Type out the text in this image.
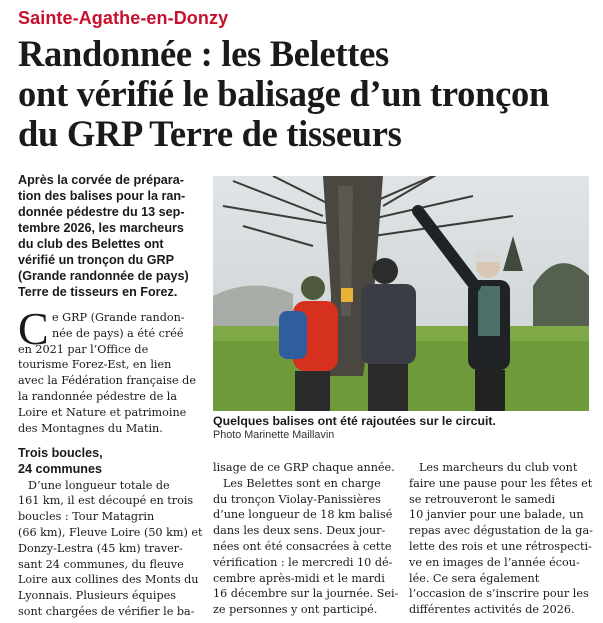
Sainte-Agathe-en-Donzy
Randonnée : les Belettes
ont vérifié le balisage d’un tronçon
du GRP Terre de tisseurs

Après la corvée de prépara-
tion des balises pour la ran-
donnée pédestre du 13 sep-
tembre 2026, les marcheurs
du club des Belettes ont
vérifié un tronçon du GRP
(Grande randonnée de pays)
Terre de tisseurs en Forez.

C e GRP (Grande randon-
née de pays) a été créé
en 2021 par l’Office de
tourisme Forez-Est, en lien
avec la Fédération française de
la randonnée pédestre de la
Loire et Nature et patrimoine
des Montagnes du Matin.

Quelques balises ont été rajoutées sur le circuit.
Photo Marinette Maillavin

Trois boucles,
24 communes
D’une longueur totale de
161 km, il est découpé en trois
boucles : Tour Matagrin
(66 km), Fleuve Loire (50 km) et
Donzy-Lestra (45 km) traver-
sant 24 communes, du fleuve
Loire aux collines des Monts du
Lyonnais. Plusieurs équipes
sont chargées de vérifier le ba-

lisage de ce GRP chaque année.
Les Belettes sont en charge
du tronçon Violay-Panissières
d’une longueur de 18 km balisé
dans les deux sens. Deux jour-
nées ont été consacrées à cette
vérification : le mercredi 10 dé-
cembre après-midi et le mardi
16 décembre sur la journée. Sei-
ze personnes y ont participé.

Les marcheurs du club vont
faire une pause pour les fêtes et
se retrouveront le samedi
10 janvier pour une balade, un
repas avec dégustation de la ga-
lette des rois et une rétrospecti-
ve en images de l’année écou-
lée. Ce sera également
l’occasion de s’inscrire pour les
différentes activités de 2026.
